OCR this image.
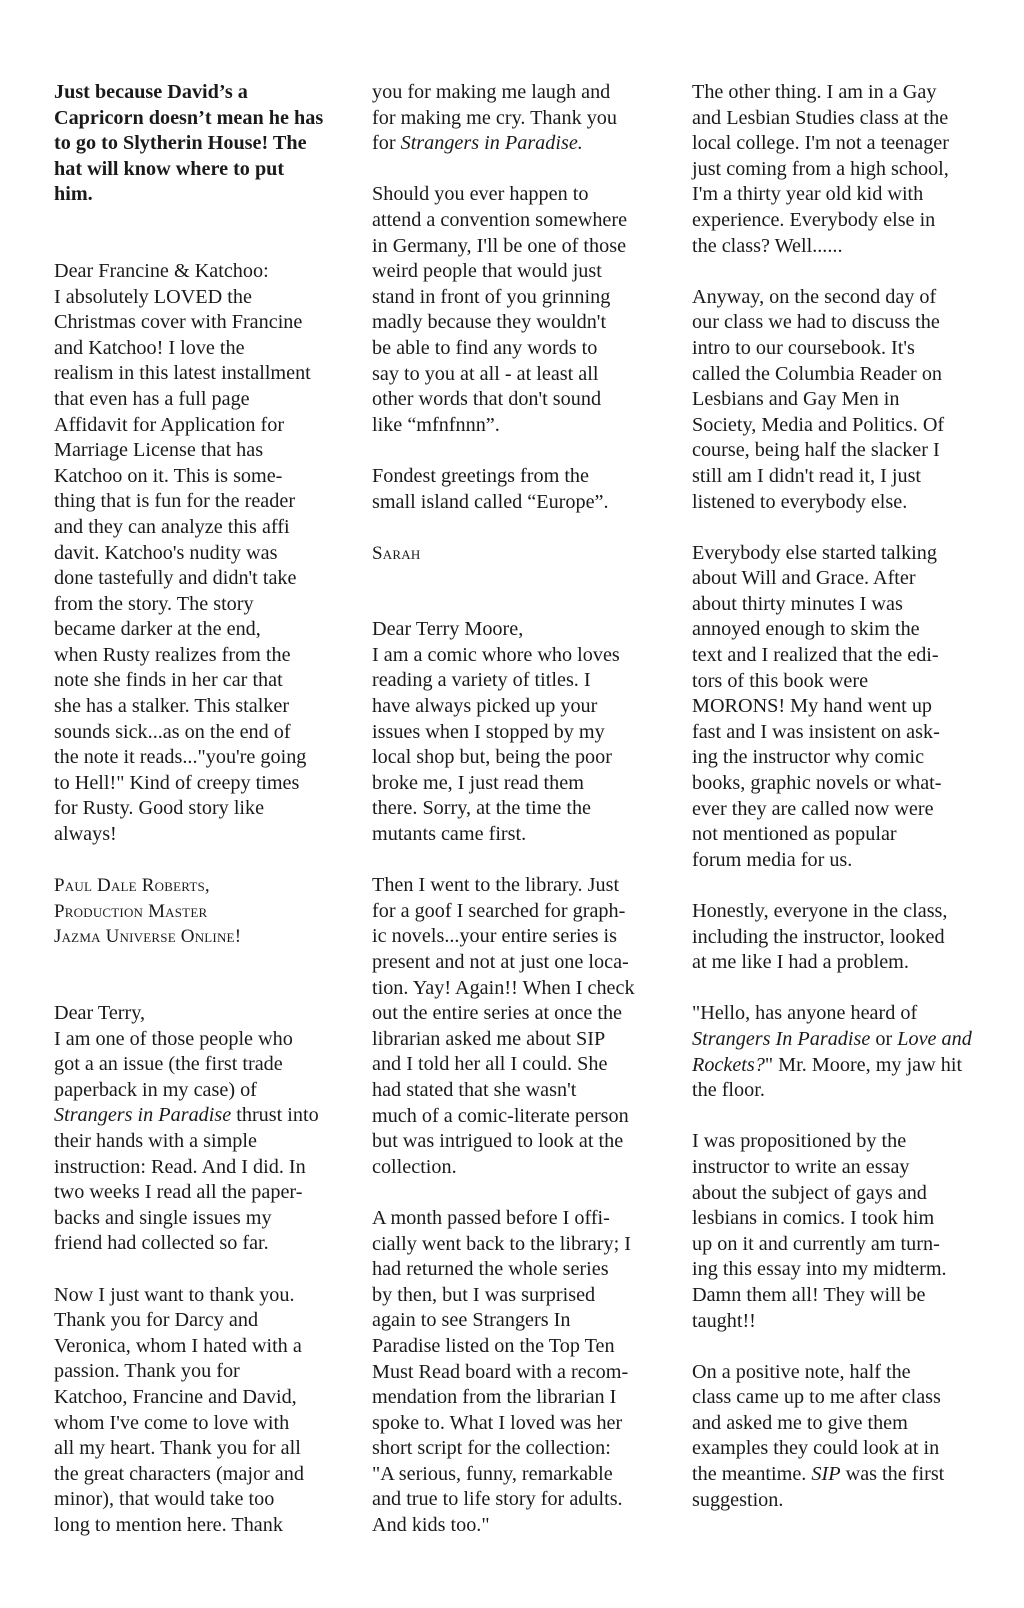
Just because David’s a
Capricorn doesn’t mean he has
to go to Slytherin House! The
hat will know where to put
him.
Dear Francine & Katchoo:
I absolutely LOVED the
Christmas cover with Francine
and Katchoo! I love the
realism in this latest installment
that even has a full page
Affidavit for Application for
Marriage License that has
Katchoo on it. This is some-
thing that is fun for the reader
and they can analyze this affi
davit. Katchoo's nudity was
done tastefully and didn't take
from the story. The story
became darker at the end,
when Rusty realizes from the
note she finds in her car that
she has a stalker. This stalker
sounds sick...as on the end of
the note it reads..."you're going
to Hell!" Kind of creepy times
for Rusty. Good story like
always!
Paul Dale Roberts,
Production Master
Jazma Universe Online!
Dear Terry,
I am one of those people who
got a an issue (the first trade
paperback in my case) of
Strangers in Paradise thrust into
their hands with a simple
instruction: Read. And I did. In
two weeks I read all the paper-
backs and single issues my
friend had collected so far.
Now I just want to thank you.
Thank you for Darcy and
Veronica, whom I hated with a
passion. Thank you for
Katchoo, Francine and David,
whom I've come to love with
all my heart. Thank you for all
the great characters (major and
minor), that would take too
long to mention here. Thank
you for making me laugh and
for making me cry. Thank you
for Strangers in Paradise.
Should you ever happen to
attend a convention somewhere
in Germany, I'll be one of those
weird people that would just
stand in front of you grinning
madly because they wouldn't
be able to find any words to
say to you at all - at least all
other words that don't sound
like “mfnfnnn”.
Fondest greetings from the
small island called “Europe”.
Sarah
Dear Terry Moore,
I am a comic whore who loves
reading a variety of titles. I
have always picked up your
issues when I stopped by my
local shop but, being the poor
broke me, I just read them
there. Sorry, at the time the
mutants came first.
Then I went to the library. Just
for a goof I searched for graph-
ic novels...your entire series is
present and not at just one loca-
tion. Yay! Again!! When I check
out the entire series at once the
librarian asked me about SIP
and I told her all I could. She
had stated that she wasn't
much of a comic-literate person
but was intrigued to look at the
collection.
A month passed before I offi-
cially went back to the library; I
had returned the whole series
by then, but I was surprised
again to see Strangers In
Paradise listed on the Top Ten
Must Read board with a recom-
mendation from the librarian I
spoke to. What I loved was her
short script for the collection:
"A serious, funny, remarkable
and true to life story for adults.
And kids too."
The other thing. I am in a Gay
and Lesbian Studies class at the
local college. I'm not a teenager
just coming from a high school,
I'm a thirty year old kid with
experience. Everybody else in
the class? Well......
Anyway, on the second day of
our class we had to discuss the
intro to our coursebook. It's
called the Columbia Reader on
Lesbians and Gay Men in
Society, Media and Politics. Of
course, being half the slacker I
still am I didn't read it, I just
listened to everybody else.
Everybody else started talking
about Will and Grace. After
about thirty minutes I was
annoyed enough to skim the
text and I realized that the edi-
tors of this book were
MORONS! My hand went up
fast and I was insistent on ask-
ing the instructor why comic
books, graphic novels or what-
ever they are called now were
not mentioned as popular
forum media for us.
Honestly, everyone in the class,
including the instructor, looked
at me like I had a problem.
"Hello, has anyone heard of
Strangers In Paradise or Love and
Rockets?" Mr. Moore, my jaw hit
the floor.
I was propositioned by the
instructor to write an essay
about the subject of gays and
lesbians in comics. I took him
up on it and currently am turn-
ing this essay into my midterm.
Damn them all! They will be
taught!!
On a positive note, half the
class came up to me after class
and asked me to give them
examples they could look at in
the meantime. SIP was the first
suggestion.
